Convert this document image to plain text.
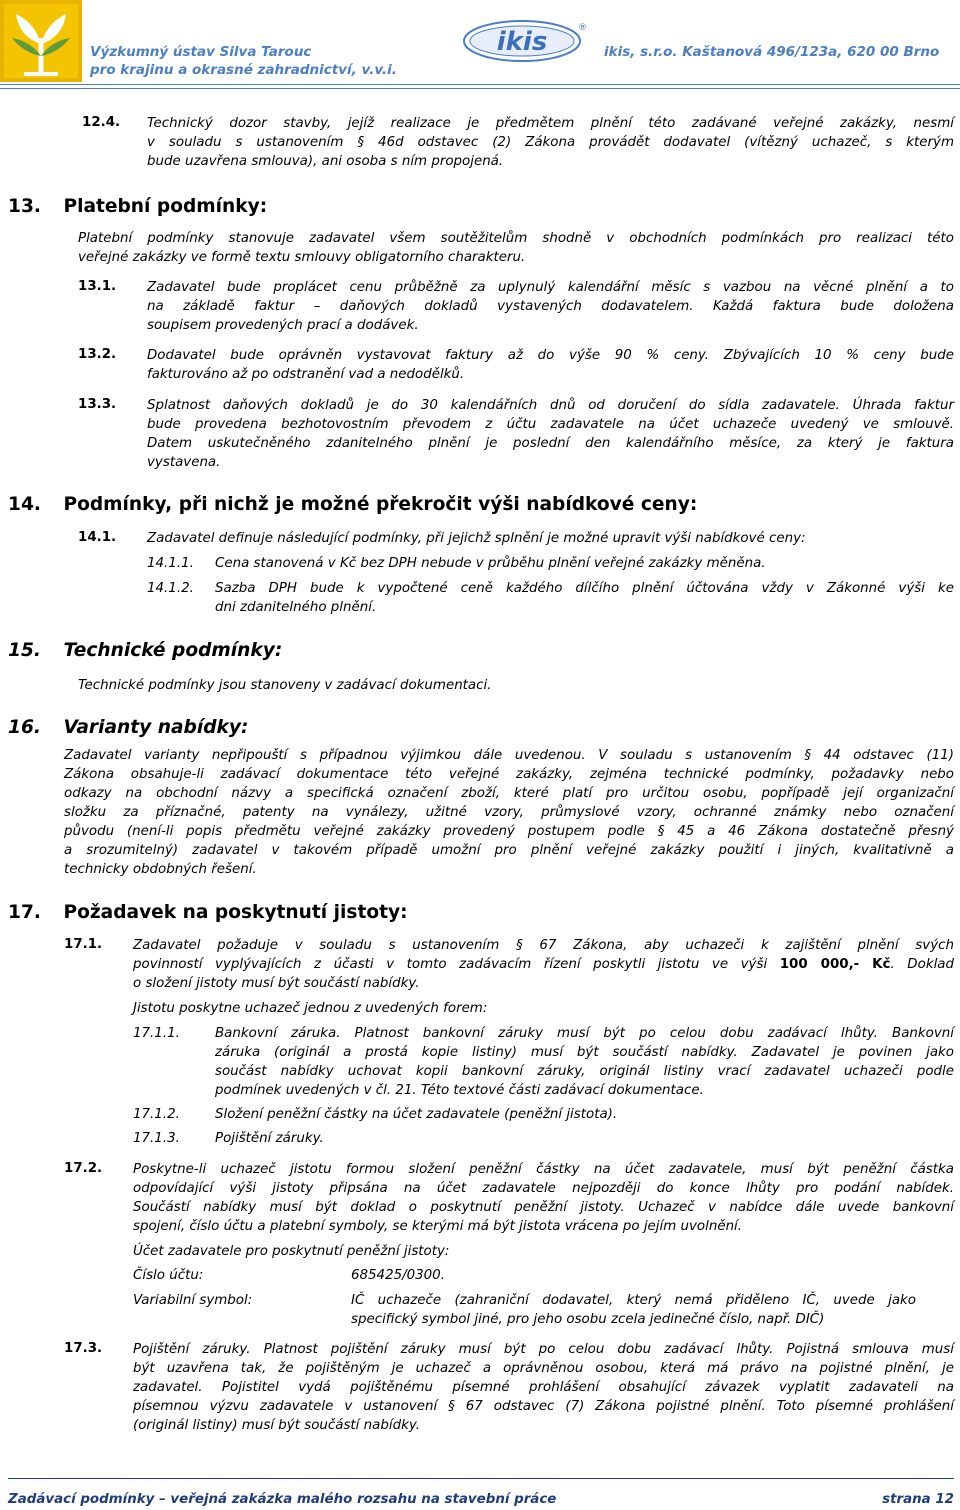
Výzkumný ústav Silva Tarouc
pro krajinu a okrasné zahradnictví, v.v.i.
ikis	®
ikis, s.r.o. Kaštanová 496/123a, 620 00 Brno
12.4. Technický dozor stavby, jejíž realizace je předmětem plnění této zadávané veřejné zakázky, nesmí
v souladu s ustanovením § 46d odstavec (2) Zákona provádět dodavatel (vítězný uchazeč, s kterým
bude uzavřena smlouva), ani osoba s ním propojená.
13. Platební podmínky:
Platební podmínky stanovuje zadavatel všem soutěžitelům shodně v obchodních podmínkách pro realizaci této
veřejné zakázky ve formě textu smlouvy obligatorního charakteru.
13.1. Zadavatel bude proplácet cenu průběžně za uplynulý kalendářní měsíc s vazbou na věcné plnění a to
na základě faktur – daňových dokladů vystavených dodavatelem. Každá faktura bude doložena
soupisem provedených prací a dodávek.
13.2. Dodavatel bude oprávněn vystavovat faktury až do výše 90 % ceny. Zbývajících 10 % ceny bude
fakturováno až po odstranění vad a nedodělků.
13.3. Splatnost daňových dokladů je do 30 kalendářních dnů od doručení do sídla zadavatele. Úhrada faktur
bude provedena bezhotovostním převodem z účtu zadavatele na účet uchazeče uvedený ve smlouvě.
Datem uskutečněného zdanitelného plnění je poslední den kalendářního měsíce, za který je faktura
vystavena.
14. Podmínky, při nichž je možné překročit výši nabídkové ceny:
14.1. Zadavatel definuje následující podmínky, při jejichž splnění je možné upravit výši nabídkové ceny:
14.1.1. Cena stanovená v Kč bez DPH nebude v průběhu plnění veřejné zakázky měněna.
14.1.2. Sazba DPH bude k vypočtené ceně každého dílčího plnění účtována vždy v Zákonné výši ke
dni zdanitelného plnění.
15. Technické podmínky:
Technické podmínky jsou stanoveny v zadávací dokumentaci.
16. Varianty nabídky:
Zadavatel varianty nepřipouští s případnou výjimkou dále uvedenou. V souladu s ustanovením § 44 odstavec (11)
Zákona obsahuje-li zadávací dokumentace této veřejné zakázky, zejména technické podmínky, požadavky nebo
odkazy na obchodní názvy a specifická označení zboží, které platí pro určitou osobu, popřípadě její organizační
složku za příznačné, patenty na vynálezy, užitné vzory, průmyslové vzory, ochranné známky nebo označení
původu (není-li popis předmětu veřejné zakázky provedený postupem podle § 45 a 46 Zákona dostatečně přesný
a srozumitelný) zadavatel v takovém případě umožní pro plnění veřejné zakázky použití i jiných, kvalitativně a
technicky obdobných řešení.
17. Požadavek na poskytnutí jistoty:
17.1. Zadavatel požaduje v souladu s ustanovením § 67 Zákona, aby uchazeči k zajištění plnění svých
povinností vyplývajících z účasti v tomto zadávacím řízení poskytli jistotu ve výši 100 000,- Kč. Doklad
o složení jistoty musí být součástí nabídky.
Jistotu poskytne uchazeč jednou z uvedených forem:
17.1.1.	Bankovní záruka. Platnost bankovní záruky musí být po celou dobu zadávací lhůty. Bankovní
záruka (originál a prostá kopie listiny) musí být součástí nabídky. Zadavatel je povinen jako
součást nabídky uchovat kopii bankovní záruky, originál listiny vrací zadavatel uchazeči podle
podmínek uvedených v čl. 21. Této textové části zadávací dokumentace.
17.1.2.	Složení peněžní částky na účet zadavatele (peněžní jistota).
17.1.3.	Pojištění záruky.
17.2. Poskytne-li uchazeč jistotu formou složení peněžní částky na účet zadavatele, musí být peněžní částka
odpovídající výši jistoty připsána na účet zadavatele nejpozději do konce lhůty pro podání nabídek.
Součástí nabídky musí být doklad o poskytnutí peněžní jistoty. Uchazeč v nabídce dále uvede bankovní
spojení, číslo účtu a platební symboly, se kterými má být jistota vrácena po jejím uvolnění.
Účet zadavatele pro poskytnutí peněžní jistoty:
Číslo účtu:	685425/0300.
Variabilní symbol:	IČ uchazeče (zahraniční dodavatel, který nemá přiděleno IČ, uvede jako
specifický symbol jiné, pro jeho osobu zcela jedinečné číslo, např. DIČ)
17.3. Pojištění záruky. Platnost pojištění záruky musí být po celou dobu zadávací lhůty. Pojistná smlouva musí
být uzavřena tak, že pojištěným je uchazeč a oprávněnou osobou, která má právo na pojistné plnění, je
zadavatel. Pojistitel vydá pojištěnému písemné prohlášení obsahující závazek vyplatit zadavateli na
písemnou výzvu zadavatele v ustanovení § 67 odstavec (7) Zákona pojistné plnění. Toto písemné prohlášení
(originál listiny) musí být součástí nabídky.
Zadávací podmínky – veřejná zakázka malého rozsahu na stavební práce	strana 12
